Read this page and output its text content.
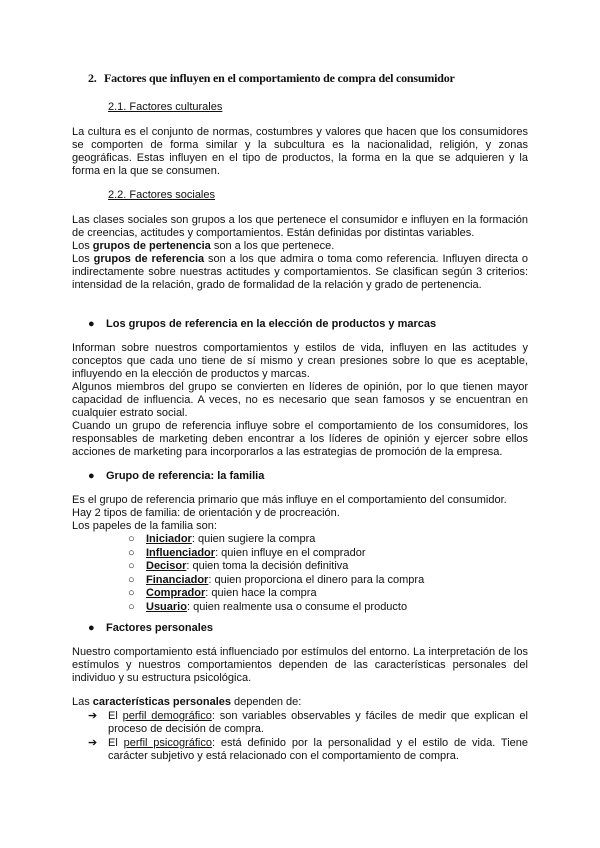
2. Factores que influyen en el comportamiento de compra del consumidor
2.1. Factores culturales

La cultura es el conjunto de normas, costumbres y valores que hacen que los consumidores se comporten de forma similar y la subcultura es la nacionalidad, religión, y zonas geográficas. Estas influyen en el tipo de productos, la forma en la que se adquieren y la forma en la que se consumen.

2.2. Factores sociales

Las clases sociales son grupos a los que pertenece el consumidor e influyen en la formación de creencias, actitudes y comportamientos. Están definidas por distintas variables.

Los grupos de pertenencia son a los que pertenece.

Los grupos de referencia son a los que admira o toma como referencia. Influyen directa o indirectamente sobre nuestras actitudes y comportamientos. Se clasifican según 3 criterios: intensidad de la relación, grado de formalidad de la relación y grado de pertenencia.

● Los grupos de referencia en la elección de productos y marcas

Informan sobre nuestros comportamientos y estilos de vida, influyen en las actitudes y conceptos que cada uno tiene de sí mismo y crean presiones sobre lo que es aceptable, influyendo en la elección de productos y marcas.

Algunos miembros del grupo se convierten en líderes de opinión, por lo que tienen mayor capacidad de influencia. A veces, no es necesario que sean famosos y se encuentran en cualquier estrato social.

Cuando un grupo de referencia influye sobre el comportamiento de los consumidores, los responsables de marketing deben encontrar a los líderes de opinión y ejercer sobre ellos acciones de marketing para incorporarlos a las estrategias de promoción de la empresa.

● Grupo de referencia: la familia

Es el grupo de referencia primario que más influye en el comportamiento del consumidor.

Hay 2 tipos de familia: de orientación y de procreación.

Los papeles de la familia son:

○ Iniciador: quien sugiere la compra
○ Influenciador: quien influye en el comprador
○ Decisor: quien toma la decisión definitiva
○ Financiador: quien proporciona el dinero para la compra
○ Comprador: quien hace la compra
○ Usuario: quien realmente usa o consume el producto
● Factores personales

Nuestro comportamiento está influenciado por estímulos del entorno. La interpretación de los estímulos y nuestros comportamientos dependen de las características personales del individuo y su estructura psicológica.

Las características personales dependen de:

➔ El perfil demográfico: son variables observables y fáciles de medir que explican el proceso de decisión de compra.
➔ El perfil psicográfico: está definido por la personalidad y el estilo de vida. Tiene carácter subjetivo y está relacionado con el comportamiento de compra.
